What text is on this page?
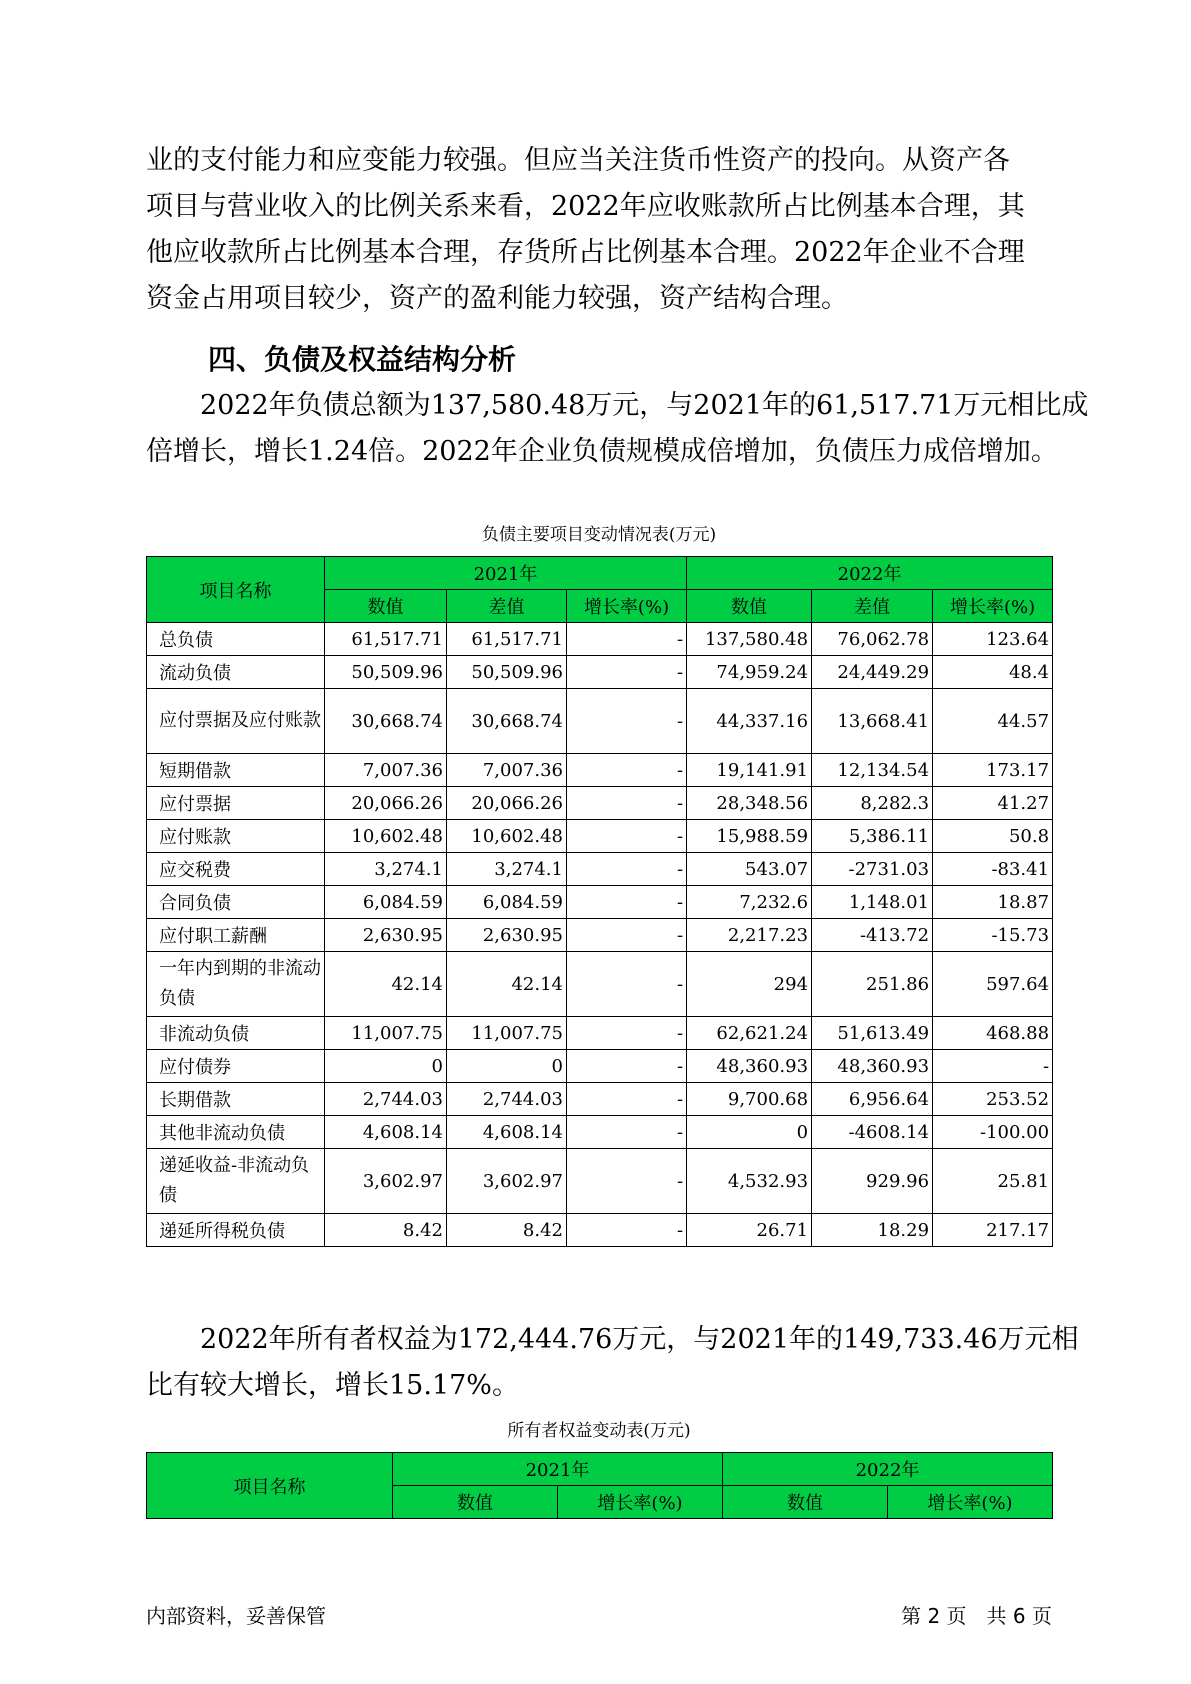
业的支付能力和应变能力较强。但应当关注货币性资产的投向。从资产各
项目与营业收入的比例关系来看，2022年应收账款所占比例基本合理，其
他应收款所占比例基本合理，存货所占比例基本合理。2022年企业不合理
资金占用项目较少，资产的盈利能力较强，资产结构合理。
四、负债及权益结构分析
　　2022年负债总额为137,580.48万元，与2021年的61,517.71万元相比成
倍增长，增长1.24倍。2022年企业负债规模成倍增加，负债压力成倍增加。

负债主要项目变动情况表(万元)

项目名称	2021年			2022年		
	数值	差值	增长率(%)	数值	差值	增长率(%)
总负债	61,517.71	61,517.71	-	137,580.48	76,062.78	123.64
流动负债	50,509.96	50,509.96	-	74,959.24	24,449.29	48.4
应付票据及应付账款	30,668.74	30,668.74	-	44,337.16	13,668.41	44.57
短期借款	7,007.36	7,007.36	-	19,141.91	12,134.54	173.17
应付票据	20,066.26	20,066.26	-	28,348.56	8,282.3	41.27
应付账款	10,602.48	10,602.48	-	15,988.59	5,386.11	50.8
应交税费	3,274.1	3,274.1	-	543.07	-2731.03	-83.41
合同负债	6,084.59	6,084.59	-	7,232.6	1,148.01	18.87
应付职工薪酬	2,630.95	2,630.95	-	2,217.23	-413.72	-15.73
一年内到期的非流动负债	42.14	42.14	-	294	251.86	597.64
非流动负债	11,007.75	11,007.75	-	62,621.24	51,613.49	468.88
应付债券	0	0	-	48,360.93	48,360.93	-
长期借款	2,744.03	2,744.03	-	9,700.68	6,956.64	253.52
其他非流动负债	4,608.14	4,608.14	-	0	-4608.14	-100.00
递延收益-非流动负债	3,602.97	3,602.97	-	4,532.93	929.96	25.81
递延所得税负债	8.42	8.42	-	26.71	18.29	217.17
　　2022年所有者权益为172,444.76万元，与2021年的149,733.46万元相
比有较大增长，增长15.17%。

所有者权益变动表(万元)

项目名称	2021年		2022年	
	数值	增长率(%)	数值	增长率(%)
内部资料，妥善保管	第 2 页　共 6 页
